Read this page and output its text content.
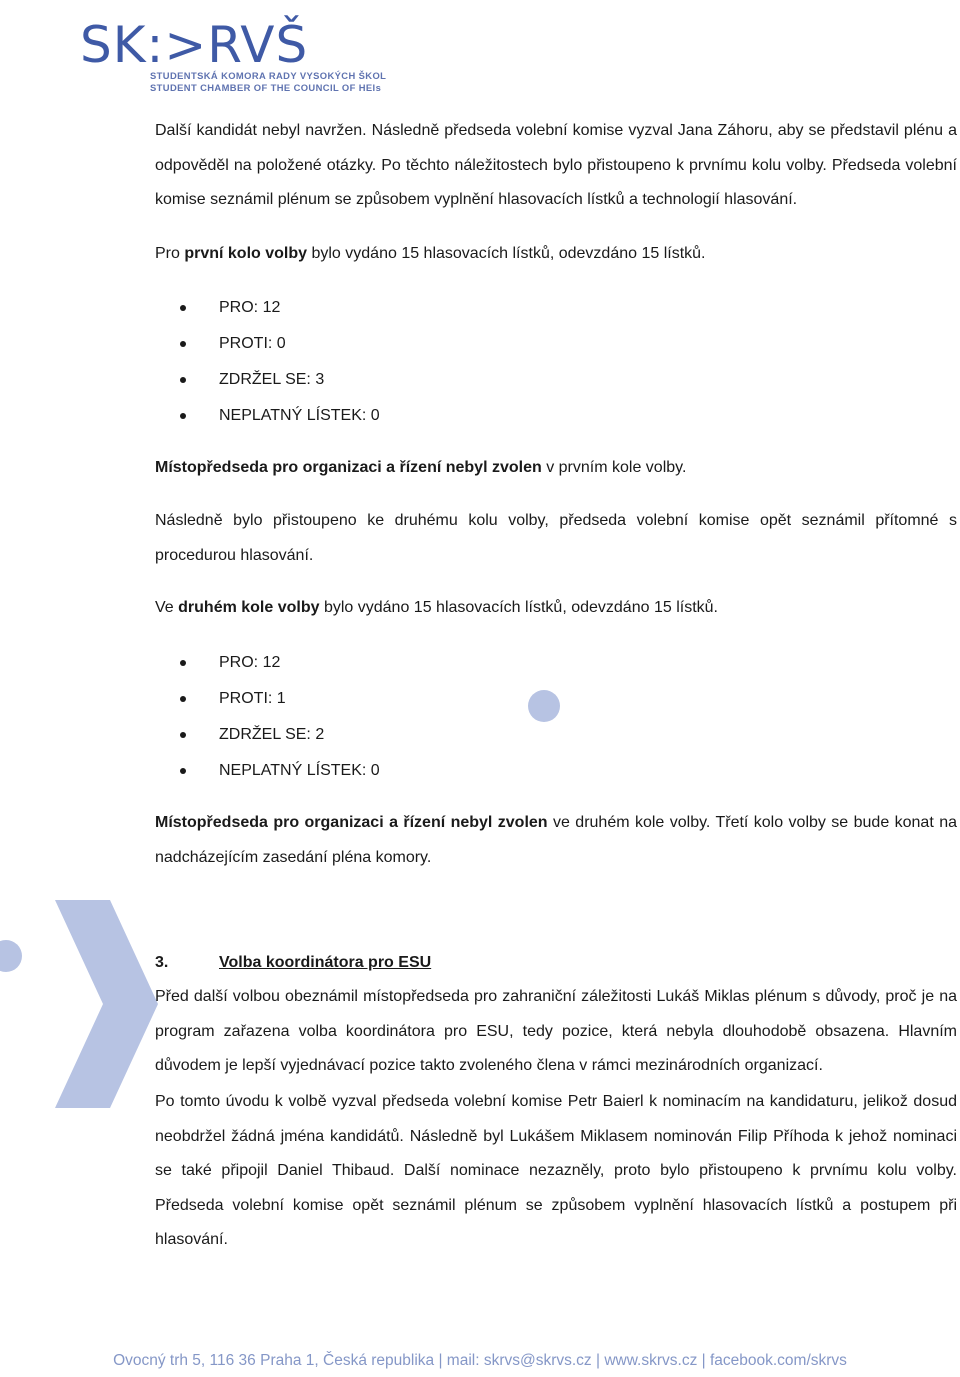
SK:>RVŠ
STUDENTSKÁ KOMORA RADY VYSOKÝCH ŠKOL
STUDENT CHAMBER OF THE COUNCIL OF HEIs

Další kandidát nebyl navržen. Následně předseda volební komise vyzval Jana Záhoru, aby se představil plénu a odpověděl na položené otázky. Po těchto náležitostech bylo přistoupeno k prvnímu kolu volby. Předseda volební komise seznámil plénum se způsobem vyplnění hlasovacích lístků a technologií hlasování.

Pro první kolo volby bylo vydáno 15 hlasovacích lístků, odevzdáno 15 lístků.

PRO: 12
PROTI: 0
ZDRŽEL SE: 3
NEPLATNÝ LÍSTEK: 0

Místopředseda pro organizaci a řízení nebyl zvolen v prvním kole volby.

Následně bylo přistoupeno ke druhému kolu volby, předseda volební komise opět seznámil přítomné s procedurou hlasování.

Ve druhém kole volby bylo vydáno 15 hlasovacích lístků, odevzdáno 15 lístků.

PRO: 12
PROTI: 1
ZDRŽEL SE: 2
NEPLATNÝ LÍSTEK: 0

Místopředseda pro organizaci a řízení nebyl zvolen ve druhém kole volby. Třetí kolo volby se bude konat na nadcházejícím zasedání pléna komory.

3.	Volba koordinátora pro ESU

Před další volbou obeznámil místopředseda pro zahraniční záležitosti Lukáš Miklas plénum s důvody, proč je na program zařazena volba koordinátora pro ESU, tedy pozice, která nebyla dlouhodobě obsazena. Hlavním důvodem je lepší vyjednávací pozice takto zvoleného člena v rámci mezinárodních organizací.

Po tomto úvodu k volbě vyzval předseda volební komise Petr Baierl k nominacím na kandidaturu, jelikož dosud neobdržel žádná jména kandidátů. Následně byl Lukášem Miklasem nominován Filip Příhoda k jehož nominaci se také připojil Daniel Thibaud. Další nominace nezazněly, proto bylo přistoupeno k prvnímu kolu volby. Předseda volební komise opět seznámil plénum se způsobem vyplnění hlasovacích lístků a postupem při hlasování.

Ovocný trh 5, 116 36 Praha 1, Česká republika | mail: skrvs@skrvs.cz | www.skrvs.cz | facebook.com/skrvs
